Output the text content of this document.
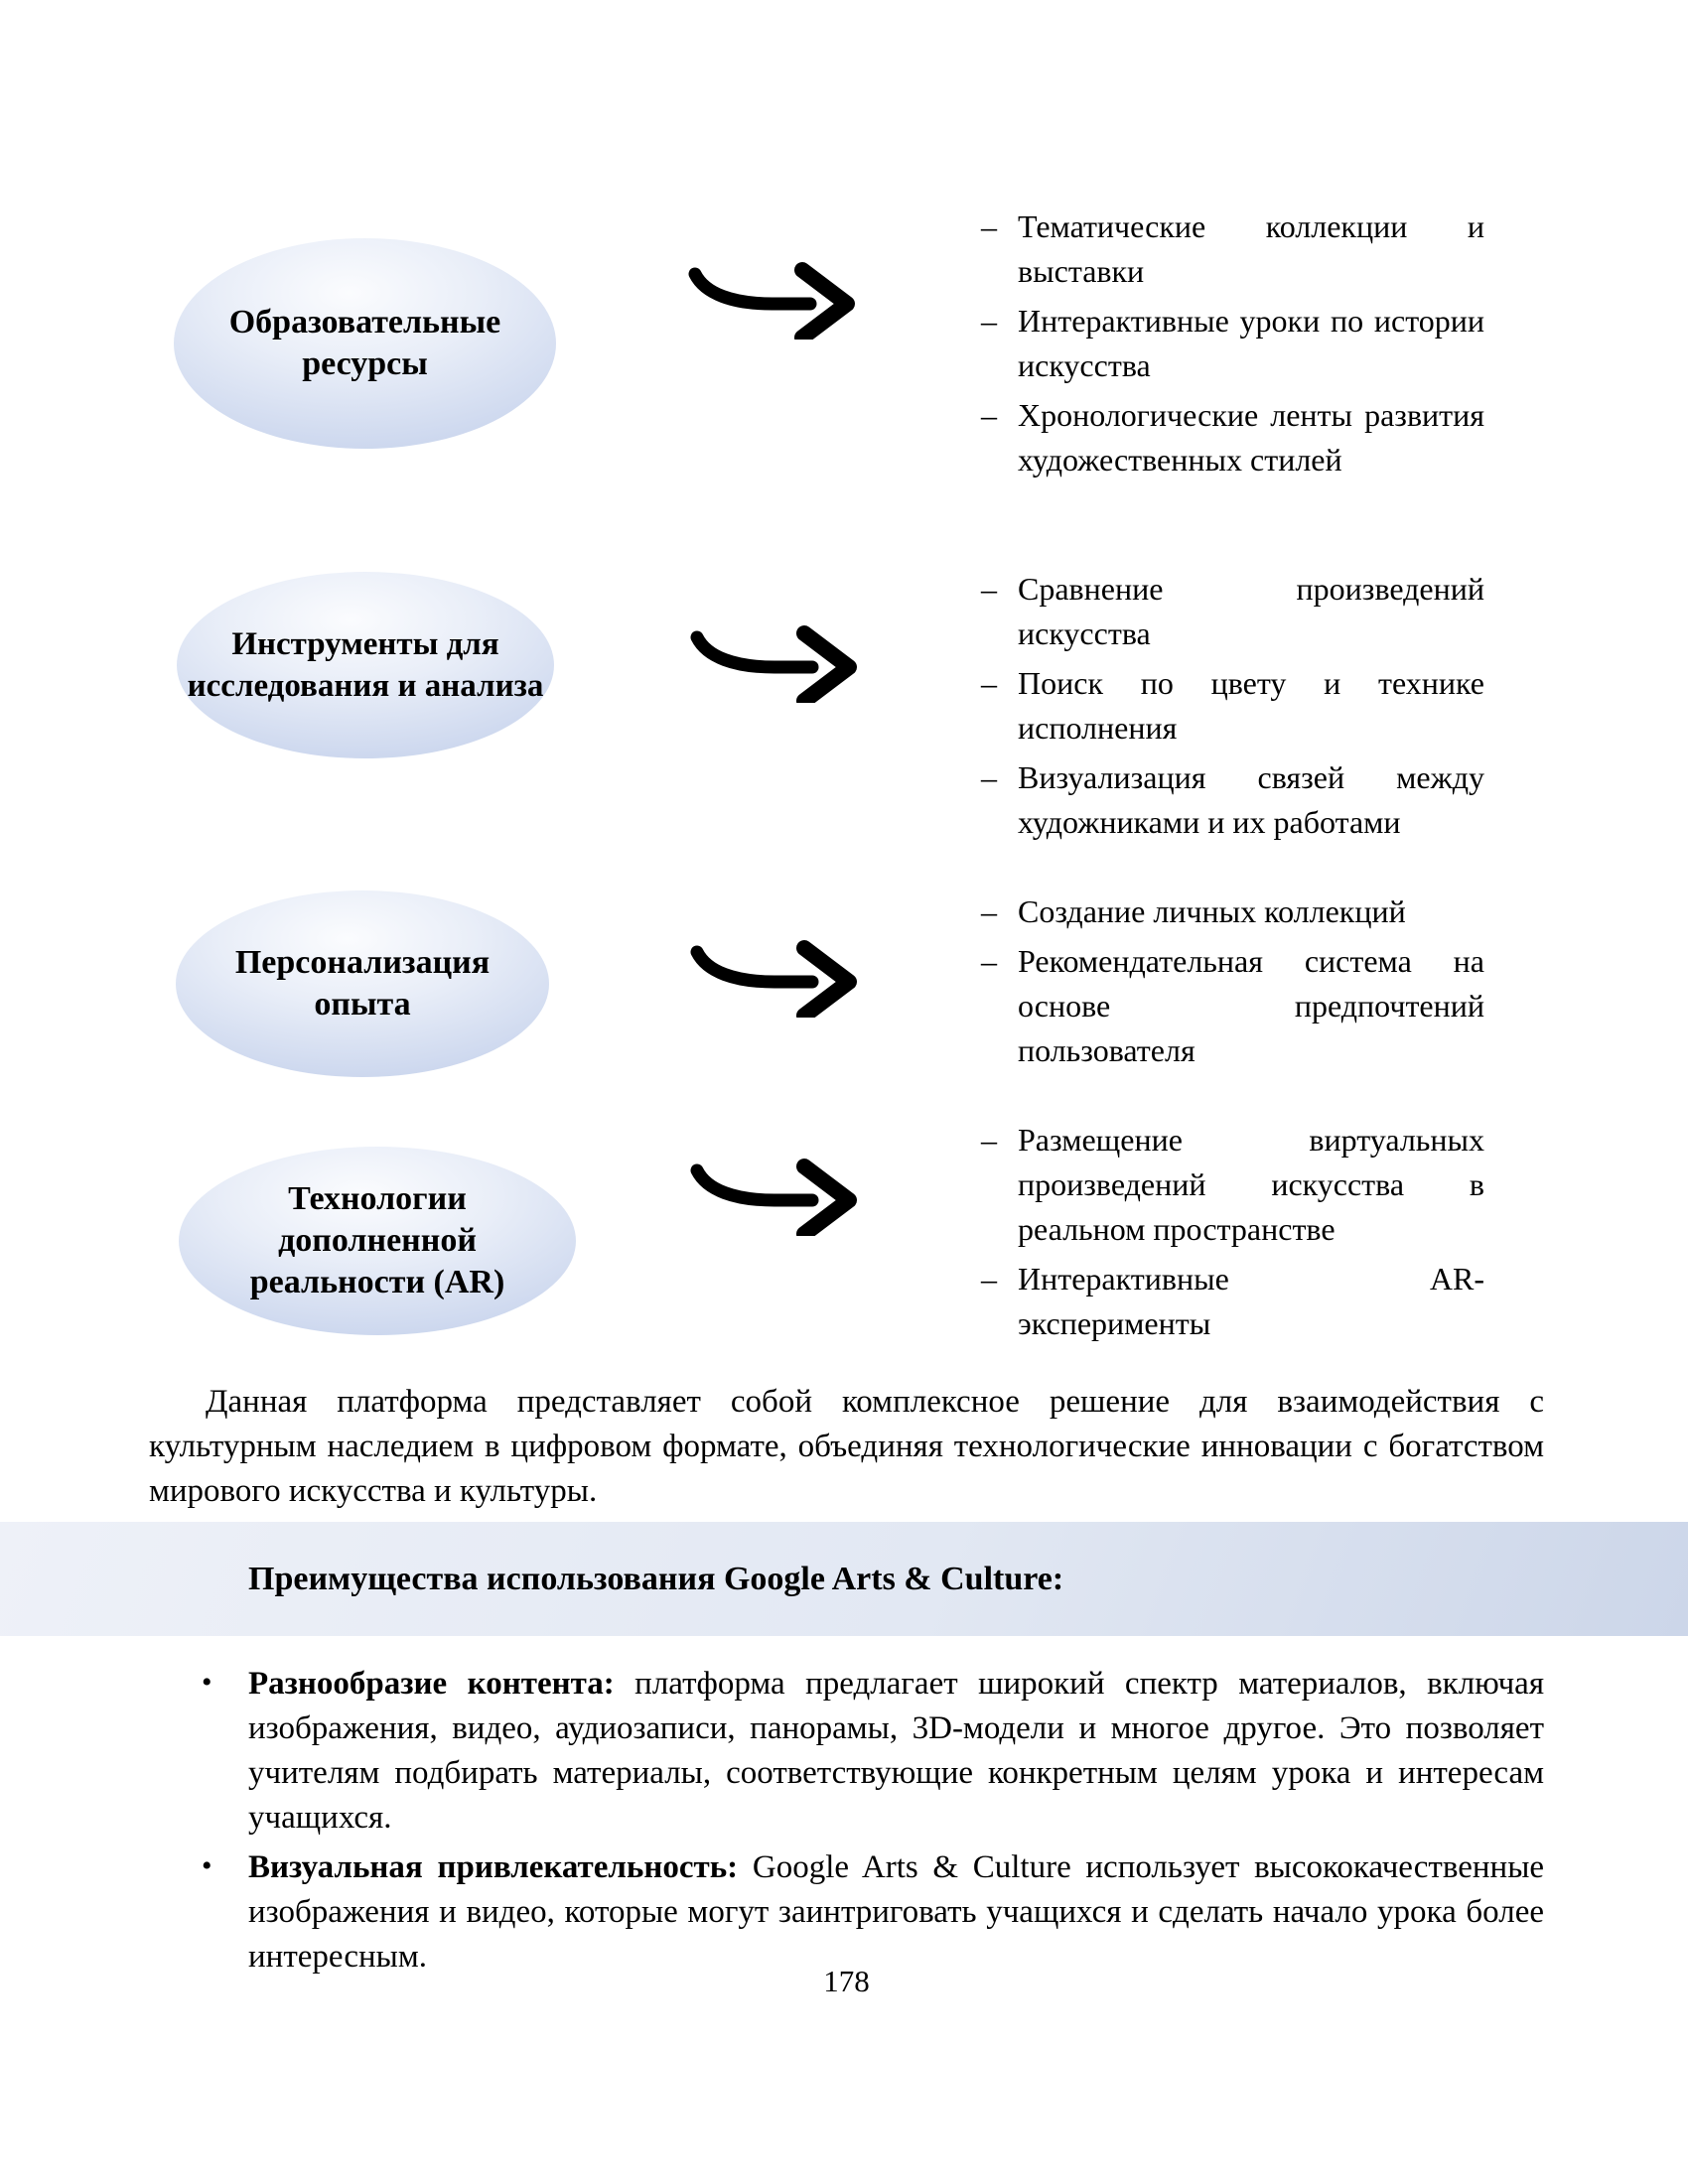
Образовательные ресурсы
– Тематические коллекции и выставки
– Интерактивные уроки по истории искусства
– Хронологические ленты развития художественных стилей
Инструменты для исследования и анализа
– Сравнение произведений искусства
– Поиск по цвету и технике исполнения
– Визуализация связей между художниками и их работами
Персонализация опыта
– Создание личных коллекций
– Рекомендательная система на основе предпочтений пользователя
Технологии дополненной реальности (AR)
– Размещение виртуальных произведений искусства в реальном пространстве
– Интерактивные AR-эксперименты

Данная платформа представляет собой комплексное решение для взаимодействия с культурным наследием в цифровом формате, объединяя технологические инновации с богатством мирового искусства и культуры.

Преимущества использования Google Arts & Culture:
• Разнообразие контента: платформа предлагает широкий спектр материалов, включая изображения, видео, аудиозаписи, панорамы, 3D-модели и многое другое. Это позволяет учителям подбирать материалы, соответствующие конкретным целям урока и интересам учащихся.
• Визуальная привлекательность: Google Arts & Culture использует высококачественные изображения и видео, которые могут заинтриговать учащихся и сделать начало урока более интересным.
178
